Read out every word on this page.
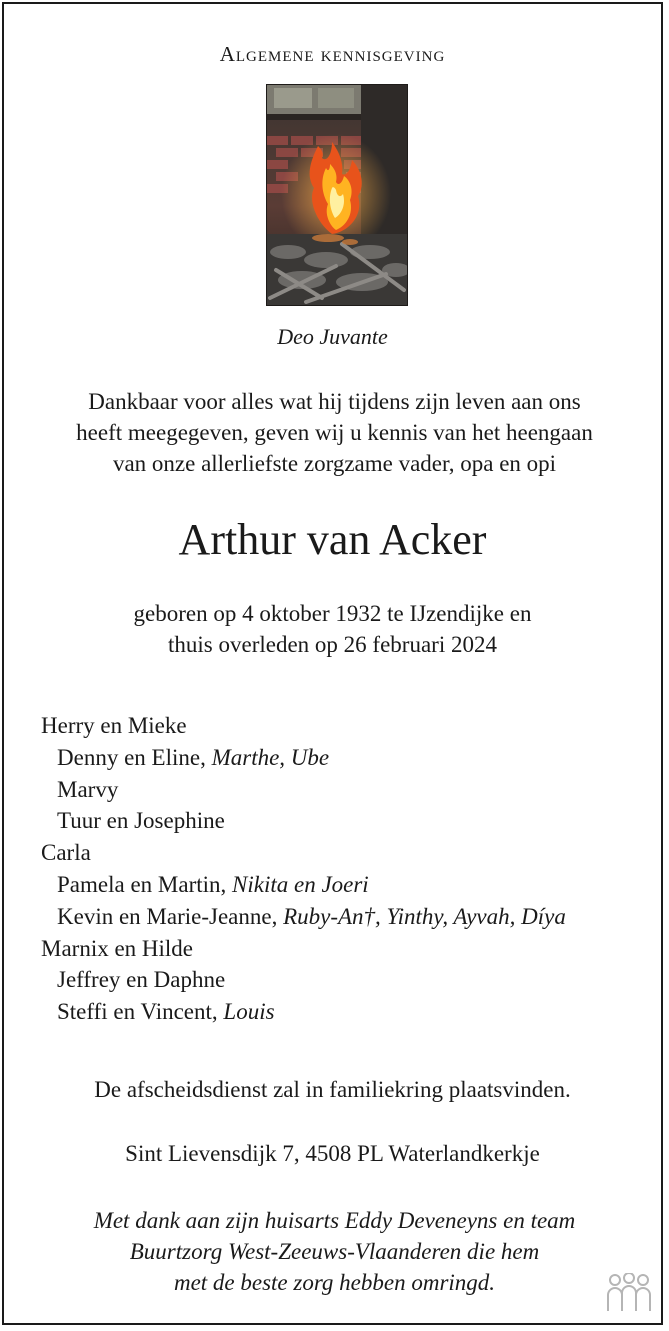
Algemene kennisgeving
Deo Juvante
Dankbaar voor alles wat hij tijdens zijn leven aan ons
heeft meegegeven, geven wij u kennis van het heengaan
van onze allerliefste zorgzame vader, opa en opi
Arthur van Acker
geboren op 4 oktober 1932 te IJzendijke en
thuis overleden op 26 februari 2024
Herry en Mieke
Denny en Eline, Marthe, Ube
Marvy
Tuur en Josephine
Carla
Pamela en Martin, Nikita en Joeri
Kevin en Marie-Jeanne, Ruby-An†, Yinthy, Ayvah, Díya
Marnix en Hilde
Jeffrey en Daphne
Steffi en Vincent, Louis
De afscheidsdienst zal in familiekring plaatsvinden.
Sint Lievensdijk 7, 4508 PL Waterlandkerkje
Met dank aan zijn huisarts Eddy Deveneyns en team
Buurtzorg West-Zeeuws-Vlaanderen die hem
met de beste zorg hebben omringd.
